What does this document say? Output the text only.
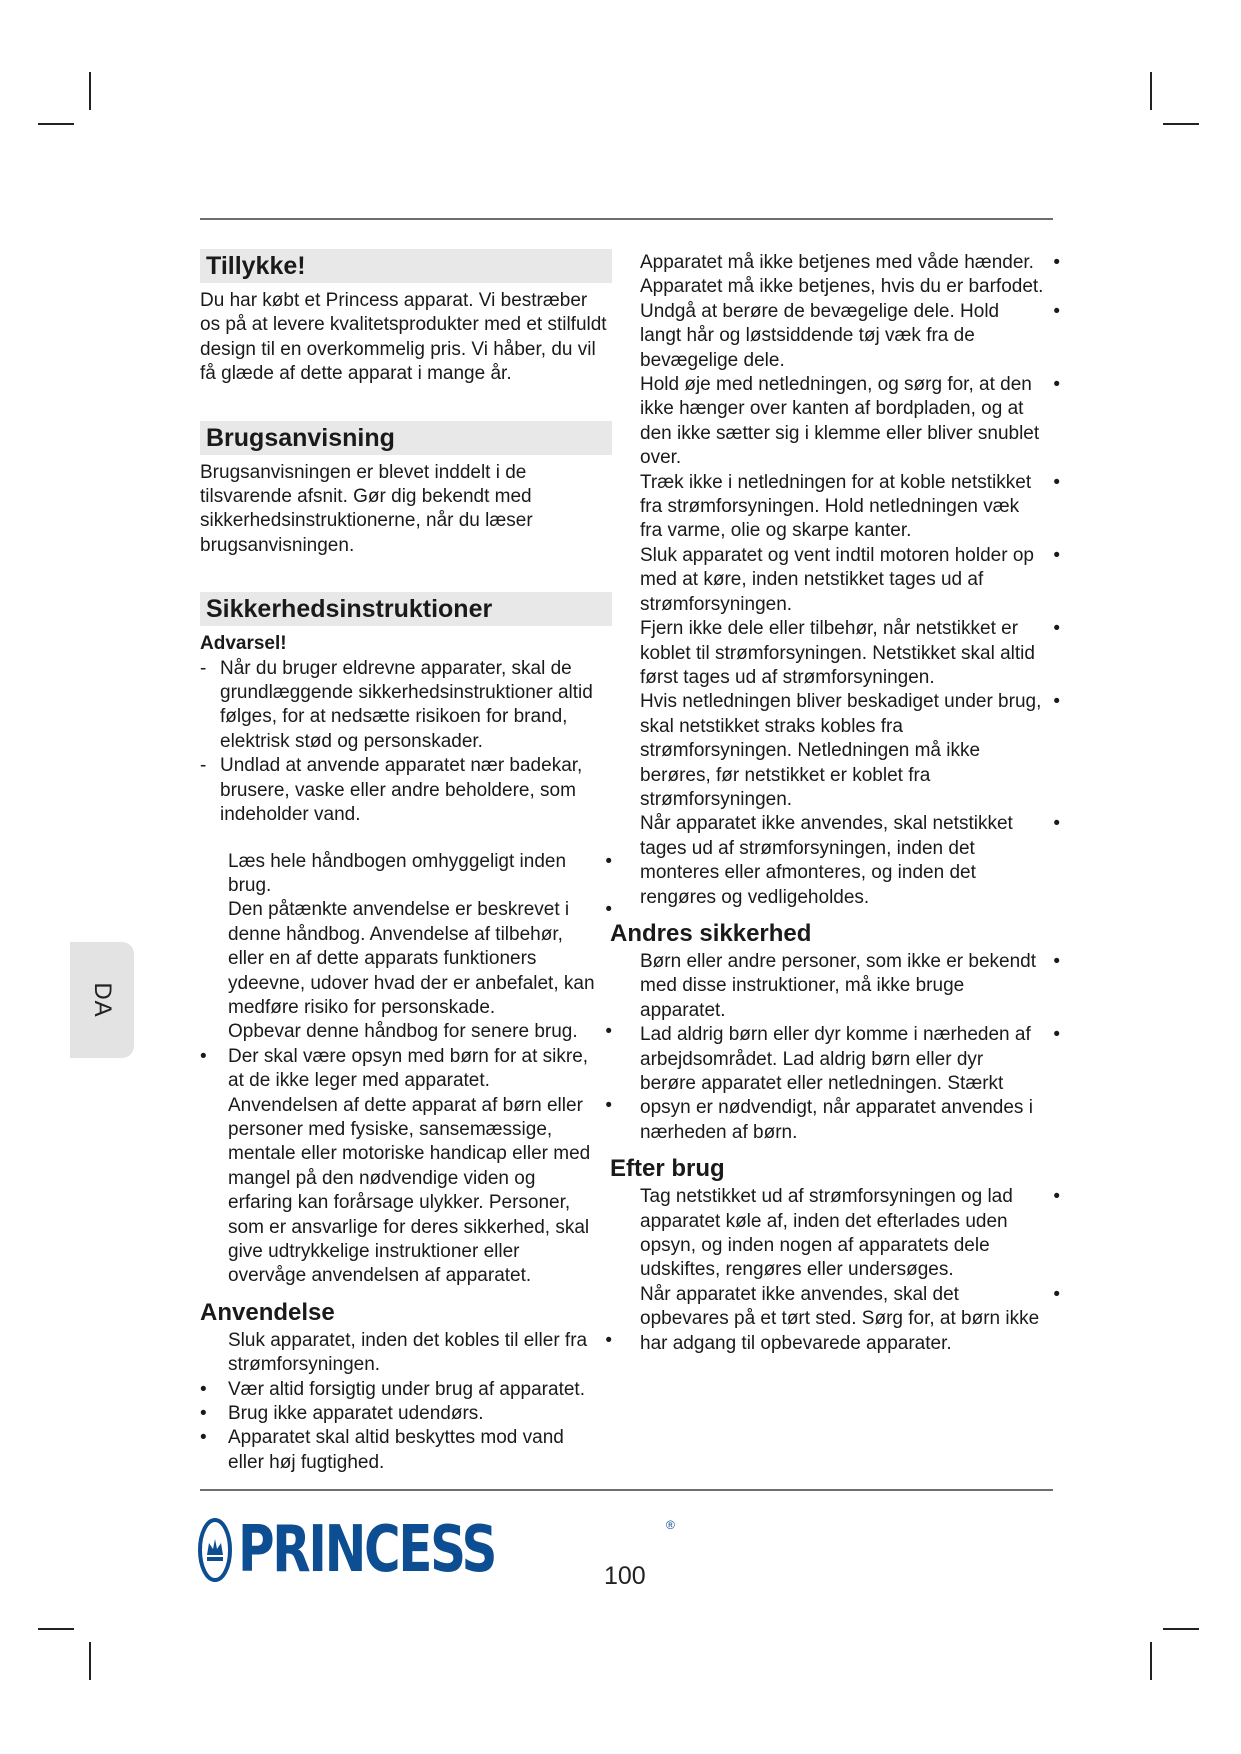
Tillykke!

Du har købt et Princess apparat. Vi bestræber os på at levere kvalitetsprodukter med et stilfuldt design til en overkommelig pris. Vi håber, du vil få glæde af dette apparat i mange år.

Brugsanvisning

Brugsanvisningen er blevet inddelt i de tilsvarende afsnit. Gør dig bekendt med sikkerhedsinstruktionerne, når du læser brugsanvisningen.

Sikkerhedsinstruktioner

Advarsel!

- Når du bruger eldrevne apparater, skal de grundlæggende sikkerhedsinstruktioner altid følges, for at nedsætte risikoen for brand, elektrisk stød og personskader.
- Undlad at anvende apparatet nær badekar, brusere, vaske eller andre beholdere, som indeholder vand.
Læs hele håndbogen omhyggeligt inden brug.
•
Den påtænkte anvendelse er beskrevet i denne håndbog. Anvendelse af tilbehør, eller en af dette apparats funktioners ydeevne, udover hvad der er anbefalet, kan medføre risiko for personskade.
•
Opbevar denne håndbog for senere brug. •
• Der skal være opsyn med børn for at sikre, at de ikke leger med apparatet.
Anvendelsen af dette apparat af børn eller personer med fysiske, sansemæssige, mentale eller motoriske handicap eller med mangel på den nødvendige viden og erfaring kan forårsage ulykker. Personer, som er ansvarlige for deres sikkerhed, skal give udtrykkelige instruktioner eller overvåge anvendelsen af apparatet.
•
Anvendelse
Sluk apparatet, inden det kobles til eller fra strømforsyningen.
•
• Vær altid forsigtig under brug af apparatet.
• Brug ikke apparatet udendørs.
• Apparatet skal altid beskyttes mod vand eller høj fugtighed.
Apparatet må ikke betjenes med våde hænder. Apparatet må ikke betjenes, hvis du er barfodet.
•
Undgå at berøre de bevægelige dele. Hold langt hår og løstsiddende tøj væk fra de bevægelige dele.
•
Hold øje med netledningen, og sørg for, at den ikke hænger over kanten af bordpladen, og at den ikke sætter sig i klemme eller bliver snublet over.
•
Træk ikke i netledningen for at koble netstikket fra strømforsyningen. Hold netledningen væk fra varme, olie og skarpe kanter.
•
Sluk apparatet og vent indtil motoren holder op med at køre, inden netstikket tages ud af strømforsyningen.
•
Fjern ikke dele eller tilbehør, når netstikket er koblet til strømforsyningen. Netstikket skal altid først tages ud af strømforsyningen.
•
Hvis netledningen bliver beskadiget under brug, skal netstikket straks kobles fra strømforsyningen. Netledningen må ikke berøres, før netstikket er koblet fra strømforsyningen.
•
Når apparatet ikke anvendes, skal netstikket tages ud af strømforsyningen, inden det monteres eller afmonteres, og inden det rengøres og vedligeholdes.
•
Andres sikkerhed
Børn eller andre personer, som ikke er bekendt med disse instruktioner, må ikke bruge apparatet.
•
Lad aldrig børn eller dyr komme i nærheden af arbejdsområdet. Lad aldrig børn eller dyr berøre apparatet eller netledningen. Stærkt opsyn er nødvendigt, når apparatet anvendes i nærheden af børn.
•
Efter brug
Tag netstikket ud af strømforsyningen og lad apparatet køle af, inden det efterlades uden opsyn, og inden nogen af apparatets dele udskiftes, rengøres eller undersøges.
•
Når apparatet ikke anvendes, skal det opbevares på et tørt sted. Sørg for, at børn ikke har adgang til opbevarede apparater.
•
DA
PRINCESS	®
100
